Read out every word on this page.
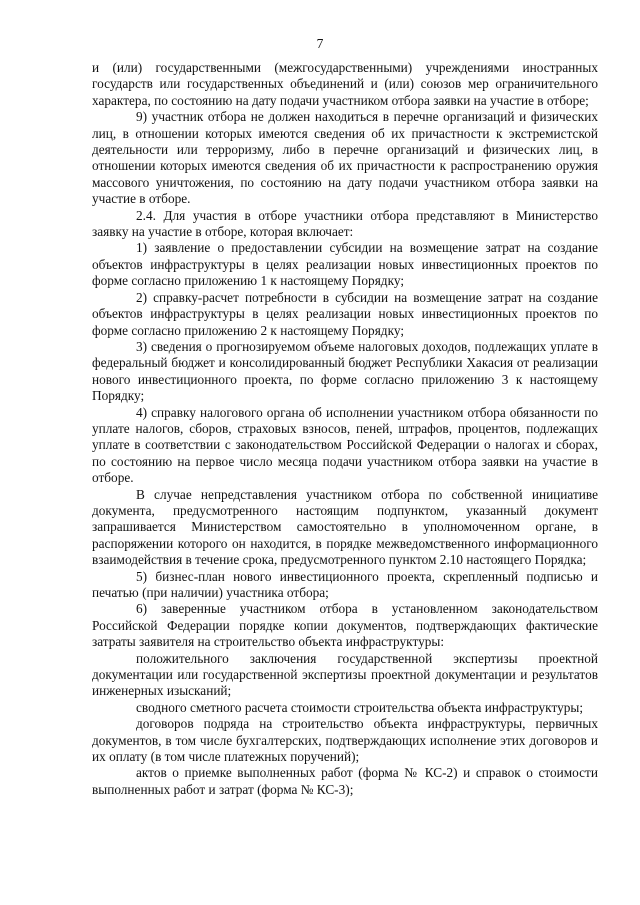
7

и (или) государственными (межгосударственными) учреждениями иностранных государств или государственных объединений и (или) союзов мер ограничительного характера, по состоянию на дату подачи участником отбора заявки на участие в отборе;

9) участник отбора не должен находиться в перечне организаций и физических лиц, в отношении которых имеются сведения об их причастности к экстремистской деятельности или терроризму, либо в перечне организаций и физических лиц, в отношении которых имеются сведения об их причастности к распространению оружия массового уничтожения, по состоянию на дату подачи участником отбора заявки на участие в отборе.

2.4. Для участия в отборе участники отбора представляют в Министерство заявку на участие в отборе, которая включает:

1) заявление о предоставлении субсидии на возмещение затрат на создание объектов инфраструктуры в целях реализации новых инвестиционных проектов по форме согласно приложению 1 к настоящему Порядку;

2) справку-расчет потребности в субсидии на возмещение затрат на создание объектов инфраструктуры в целях реализации новых инвестиционных проектов по форме согласно приложению 2 к настоящему Порядку;

3) сведения о прогнозируемом объеме налоговых доходов, подлежащих уплате в федеральный бюджет и консолидированный бюджет Республики Хакасия от реализации нового инвестиционного проекта, по форме согласно приложению 3 к настоящему Порядку;

4) справку налогового органа об исполнении участником отбора обязанности по уплате налогов, сборов, страховых взносов, пеней, штрафов, процентов, подлежащих уплате в соответствии с законодательством Российской Федерации о налогах и сборах, по состоянию на первое число месяца подачи участником отбора заявки на участие в отборе.

В случае непредставления участником отбора по собственной инициативе документа, предусмотренного настоящим подпунктом, указанный документ запрашивается Министерством самостоятельно в уполномоченном органе, в распоряжении которого он находится, в порядке межведомственного информационного взаимодействия в течение срока, предусмотренного пунктом 2.10 настоящего Порядка;

5) бизнес-план нового инвестиционного проекта, скрепленный подписью и печатью (при наличии) участника отбора;

6) заверенные участником отбора в установленном законодательством Российской Федерации порядке копии документов, подтверждающих фактические затраты заявителя на строительство объекта инфраструктуры:

положительного заключения государственной экспертизы проектной документации или государственной экспертизы проектной документации и результатов инженерных изысканий;

сводного сметного расчета стоимости строительства объекта инфраструктуры;

договоров подряда на строительство объекта инфраструктуры, первичных документов, в том числе бухгалтерских, подтверждающих исполнение этих договоров и их оплату (в том числе платежных поручений);

актов о приемке выполненных работ (форма № КС-2) и справок о стоимости выполненных работ и затрат (форма № КС-3);
